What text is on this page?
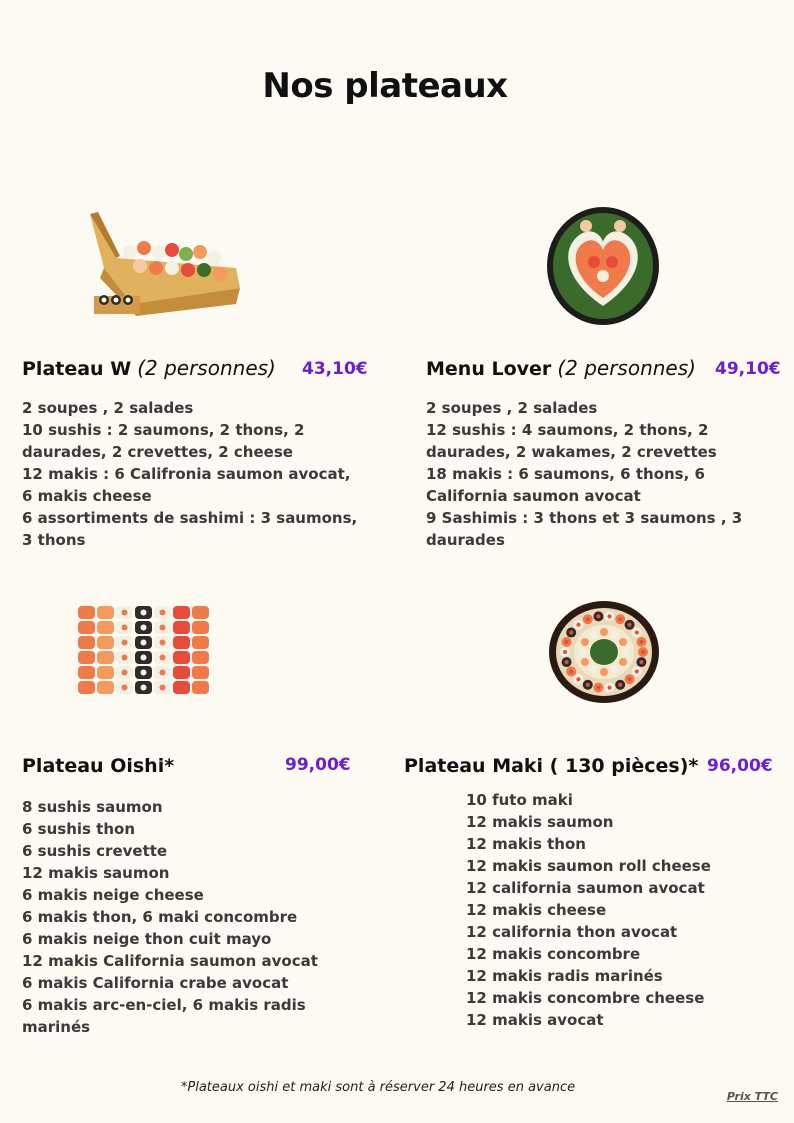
Nos plateaux
Plateau W (2 personnes) 43,10€	Menu Lover (2 personnes) 49,10€
2 soupes , 2 salades
10 sushis : 2 saumons, 2 thons, 2
daurades, 2 crevettes, 2 cheese
12 makis : 6 Califronia saumon avocat,
6 makis cheese
6 assortiments de sashimi : 3 saumons,
3 thons
2 soupes , 2 salades
12 sushis : 4 saumons, 2 thons, 2
daurades, 2 wakames, 2 crevettes
18 makis : 6 saumons, 6 thons, 6
California saumon avocat
9 Sashimis : 3 thons et 3 saumons , 3
daurades
Plateau Oishi*	99,00€	Plateau Maki ( 130 pièces)* 96,00€
8 sushis saumon
6 sushis thon
6 sushis crevette
12 makis saumon
6 makis neige cheese
6 makis thon, 6 maki concombre
6 makis neige thon cuit mayo
12 makis California saumon avocat
6 makis California crabe avocat
6 makis arc-en-ciel, 6 makis radis
marinés
10 futo maki
12 makis saumon
12 makis thon
12 makis saumon roll cheese
12 california saumon avocat
12 makis cheese
12 california thon avocat
12 makis concombre
12 makis radis marinés
12 makis concombre cheese
12 makis avocat
*Plateaux oishi et maki sont à réserver 24 heures en avance
Prix TTC
